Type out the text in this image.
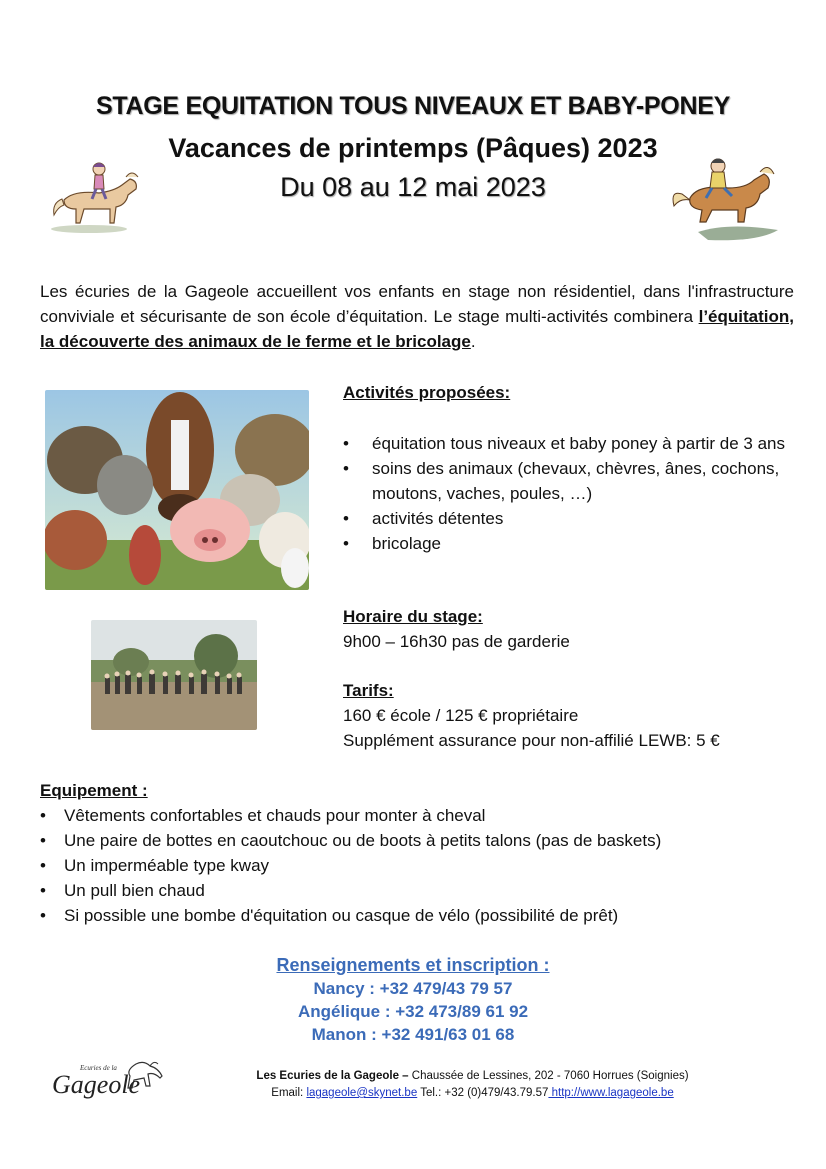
STAGE EQUITATION TOUS NIVEAUX ET BABY-PONEY
Vacances de printemps (Pâques) 2023
Du 08 au 12 mai 2023
Les écuries de la Gageole accueillent vos enfants en stage non résidentiel, dans l'infrastructure conviviale et sécurisante de son école d’équitation. Le stage multi-activités combinera l’équitation, la découverte des animaux de le ferme et le bricolage.
Activités proposées:
• équitation tous niveaux et baby poney à partir de 3 ans
• soins des animaux (chevaux, chèvres, ânes, cochons, moutons, vaches, poules, …)
• activités détentes
• bricolage
Horaire du stage:
9h00 – 16h30 pas de garderie
Tarifs:
160 € école / 125 € propriétaire
Supplément assurance pour non-affilié LEWB: 5 €
Equipement :
• Vêtements confortables et chauds pour monter à cheval
• Une paire de bottes en caoutchouc ou de boots à petits talons (pas de baskets)
• Un imperméable type kway
• Un pull bien chaud
• Si possible une bombe d'équitation ou casque de vélo (possibilité de prêt)
Renseignements et inscription :
Nancy : +32 479/43 79 57
Angélique : +32 473/89 61 92
Manon : +32 491/63 01 68
Ecuries de la
Gageole	Les Ecuries de la Gageole – Chaussée de Lessines, 202 - 7060 Horrues (Soignies)
Email: lagageole@skynet.be Tel.: +32 (0)479/43.79.57 http://www.lagageole.be
